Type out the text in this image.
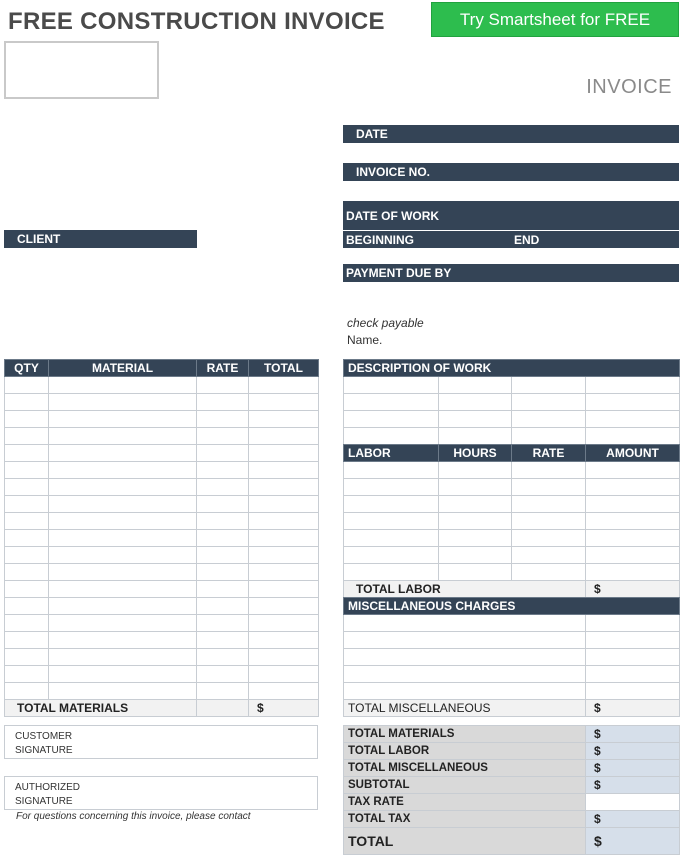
FREE CONSTRUCTION INVOICE	Try Smartsheet for FREE
INVOICE
DATE
INVOICE NO.
DATE OF WORK
BEGINNING	END
PAYMENT DUE BY
CLIENT
check payable
Name.
QTY	MATERIAL	RATE	TOTAL

TOTAL MATERIALS			$
DESCRIPTION OF WORK			

LABOR	HOURS	RATE	AMOUNT

TOTAL LABOR			$
MISCELLANEOUS CHARGES	

TOTAL MISCELLANEOUS	$
TOTAL MATERIALS	$
TOTAL LABOR	$
TOTAL MISCELLANEOUS	$
SUBTOTAL	$
TAX RATE	
TOTAL TAX	$
TOTAL	$
CUSTOMER
SIGNATURE
AUTHORIZED
SIGNATURE
For questions concerning this invoice, please contact
